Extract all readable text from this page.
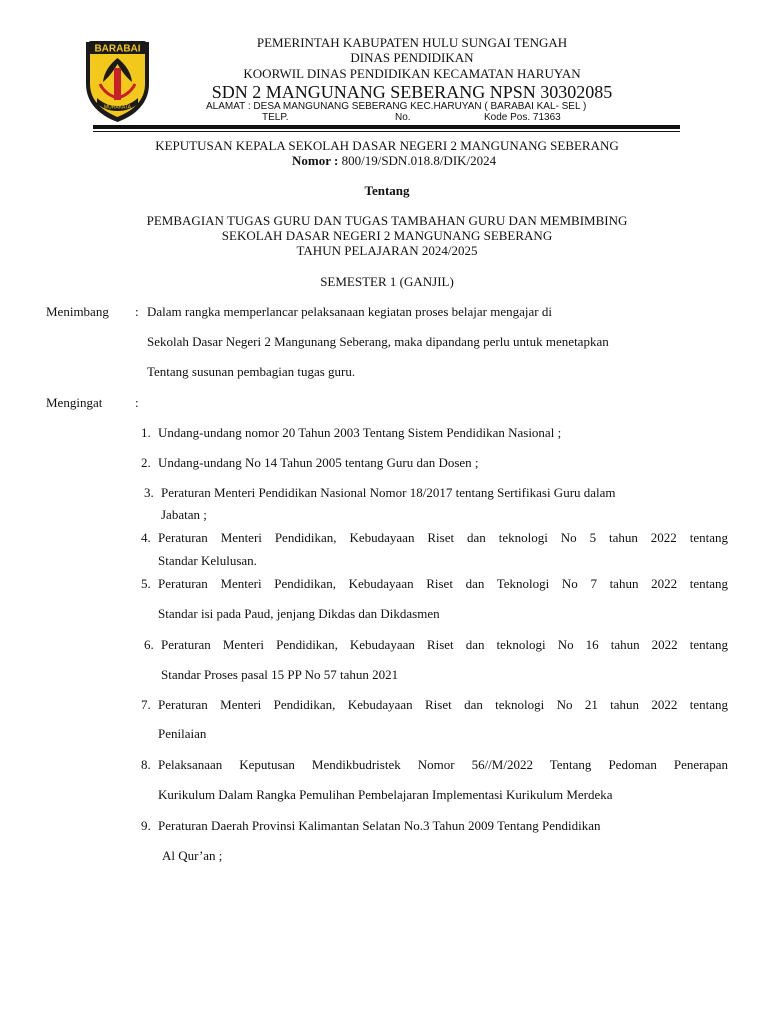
BARABAI
MURAKATA
PEMERINTAH KABUPATEN HULU SUNGAI TENGAH
DINAS PENDIDIKAN
KOORWIL DINAS PENDIDIKAN KECAMATAN HARUYAN
SDN 2 MANGUNANG SEBERANG NPSN 30302085
ALAMAT : DESA MANGUNANG SEBERANG KEC.HARUYAN ( BARABAI KAL- SEL )
TELP.	No.	Kode Pos. 71363
KEPUTUSAN KEPALA SEKOLAH DASAR NEGERI 2 MANGUNANG SEBERANG
Nomor : 800/19/SDN.018.8/DIK/2024
Tentang
PEMBAGIAN TUGAS GURU DAN TUGAS TAMBAHAN GURU DAN MEMBIMBING
SEKOLAH DASAR NEGERI 2 MANGUNANG SEBERANG
TAHUN PELAJARAN 2024/2025
SEMESTER 1 (GANJIL)
Menimbang : Dalam rangka memperlancar pelaksanaan kegiatan proses belajar mengajar di
Sekolah Dasar Negeri 2 Mangunang Seberang, maka dipandang perlu untuk menetapkan
Tentang susunan pembagian tugas guru.
Mengingat	:
1. Undang-undang nomor 20 Tahun 2003 Tentang Sistem Pendidikan Nasional ;
2. Undang-undang No 14 Tahun 2005 tentang Guru dan Dosen ;
3. Peraturan Menteri Pendidikan Nasional Nomor 18/2017 tentang Sertifikasi Guru dalam
Jabatan ;
4. Peraturan Menteri Pendidikan, Kebudayaan Riset dan teknologi No 5 tahun 2022 tentang
Standar Kelulusan.
5. Peraturan Menteri Pendidikan, Kebudayaan Riset dan Teknologi No 7 tahun 2022 tentang
Standar isi pada Paud, jenjang Dikdas dan Dikdasmen
6. Peraturan Menteri Pendidikan, Kebudayaan Riset dan teknologi No 16 tahun 2022 tentang
Standar Proses pasal 15 PP No 57 tahun 2021
7. Peraturan Menteri Pendidikan, Kebudayaan Riset dan teknologi No 21 tahun 2022 tentang
Penilaian
8. Pelaksanaan Keputusan Mendikbudristek Nomor 56//M/2022 Tentang Pedoman Penerapan
Kurikulum Dalam Rangka Pemulihan Pembelajaran Implementasi Kurikulum Merdeka
9. Peraturan Daerah Provinsi Kalimantan Selatan No.3 Tahun 2009 Tentang Pendidikan
Al Qur’an ;
